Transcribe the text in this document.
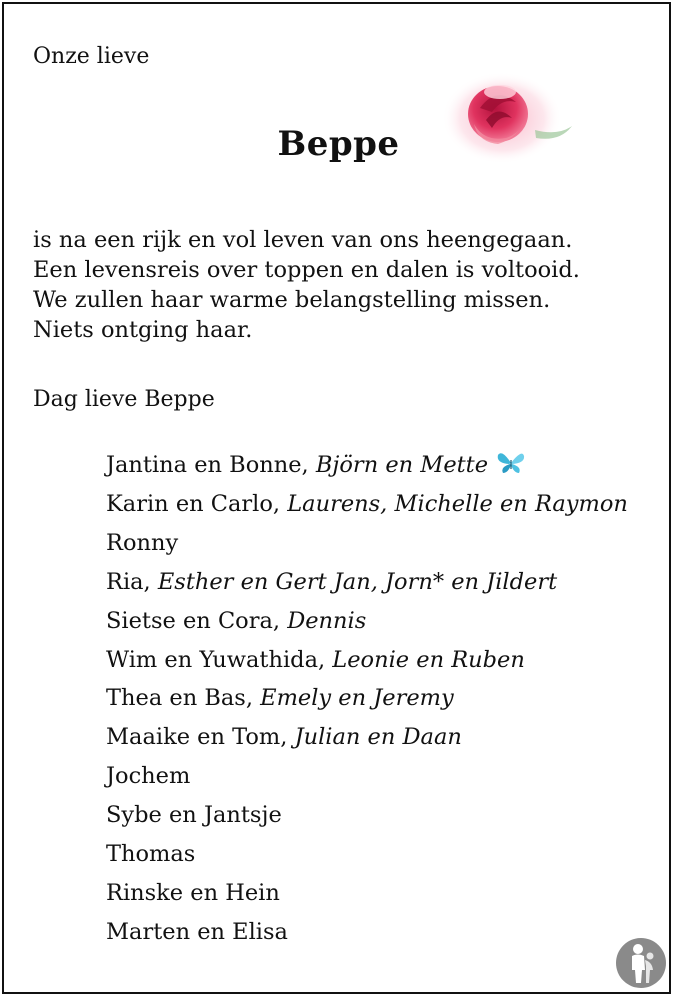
Onze lieve
Beppe
is na een rijk en vol leven van ons heengegaan.
Een levensreis over toppen en dalen is voltooid.
We zullen haar warme belangstelling missen.
Niets ontging haar.
Dag lieve Beppe
Jantina en Bonne, Björn en Mette
Karin en Carlo, Laurens, Michelle en Raymon
Ronny
Ria, Esther en Gert Jan, Jorn* en Jildert
Sietse en Cora, Dennis
Wim en Yuwathida, Leonie en Ruben
Thea en Bas, Emely en Jeremy
Maaike en Tom, Julian en Daan
Jochem
Sybe en Jantsje
Thomas
Rinske en Hein
Marten en Elisa
